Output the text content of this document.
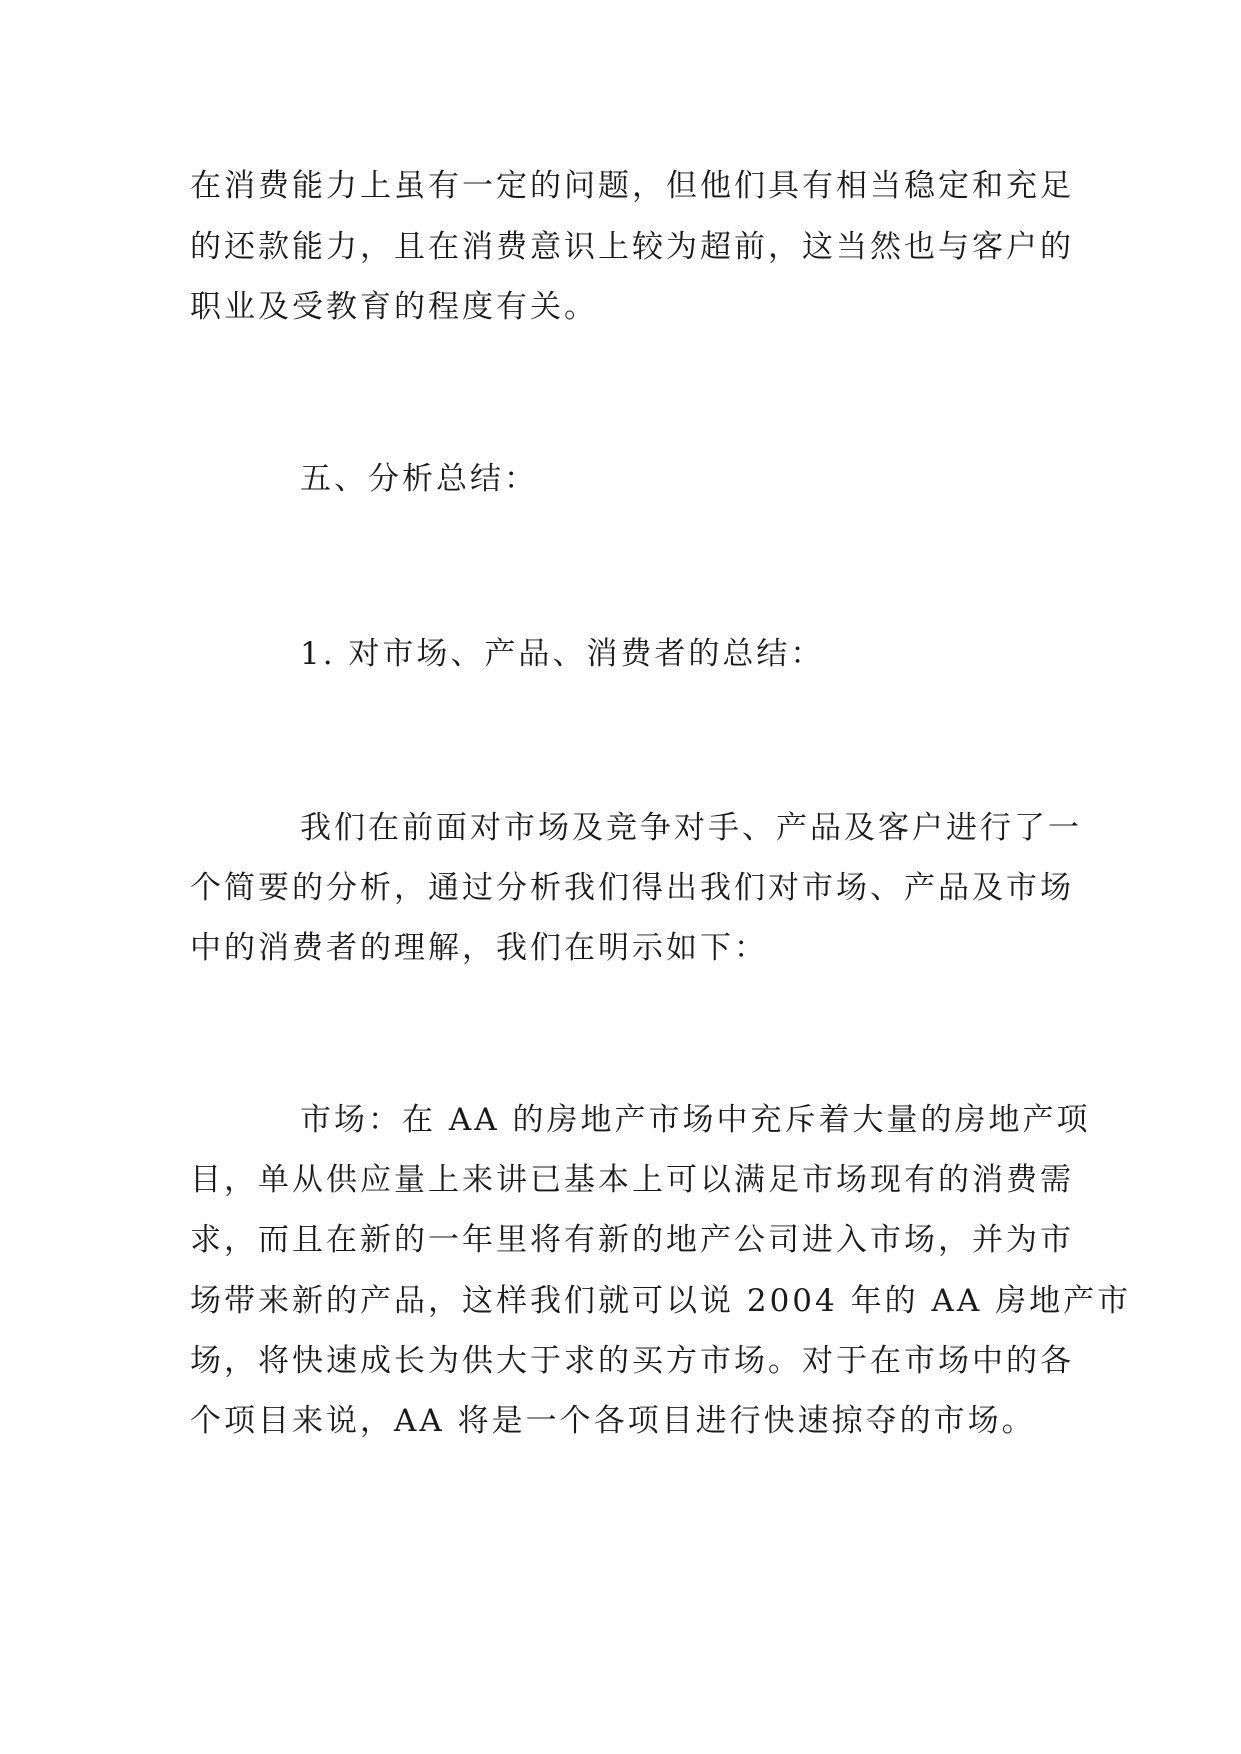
在消费能力上虽有一定的问题，但他们具有相当稳定和充足
的还款能力，且在消费意识上较为超前，这当然也与客户的
职业及受教育的程度有关。
五、分析总结：
1. 对市场、产品、消费者的总结：
我们在前面对市场及竞争对手、产品及客户进行了一
个简要的分析，通过分析我们得出我们对市场、产品及市场
中的消费者的理解，我们在明示如下：
市场：在 AA 的房地产市场中充斥着大量的房地产项
目，单从供应量上来讲已基本上可以满足市场现有的消费需
求，而且在新的一年里将有新的地产公司进入市场，并为市
场带来新的产品，这样我们就可以说 2004 年的 AA 房地产市
场，将快速成长为供大于求的买方市场。对于在市场中的各
个项目来说，AA 将是一个各项目进行快速掠夺的市场。
